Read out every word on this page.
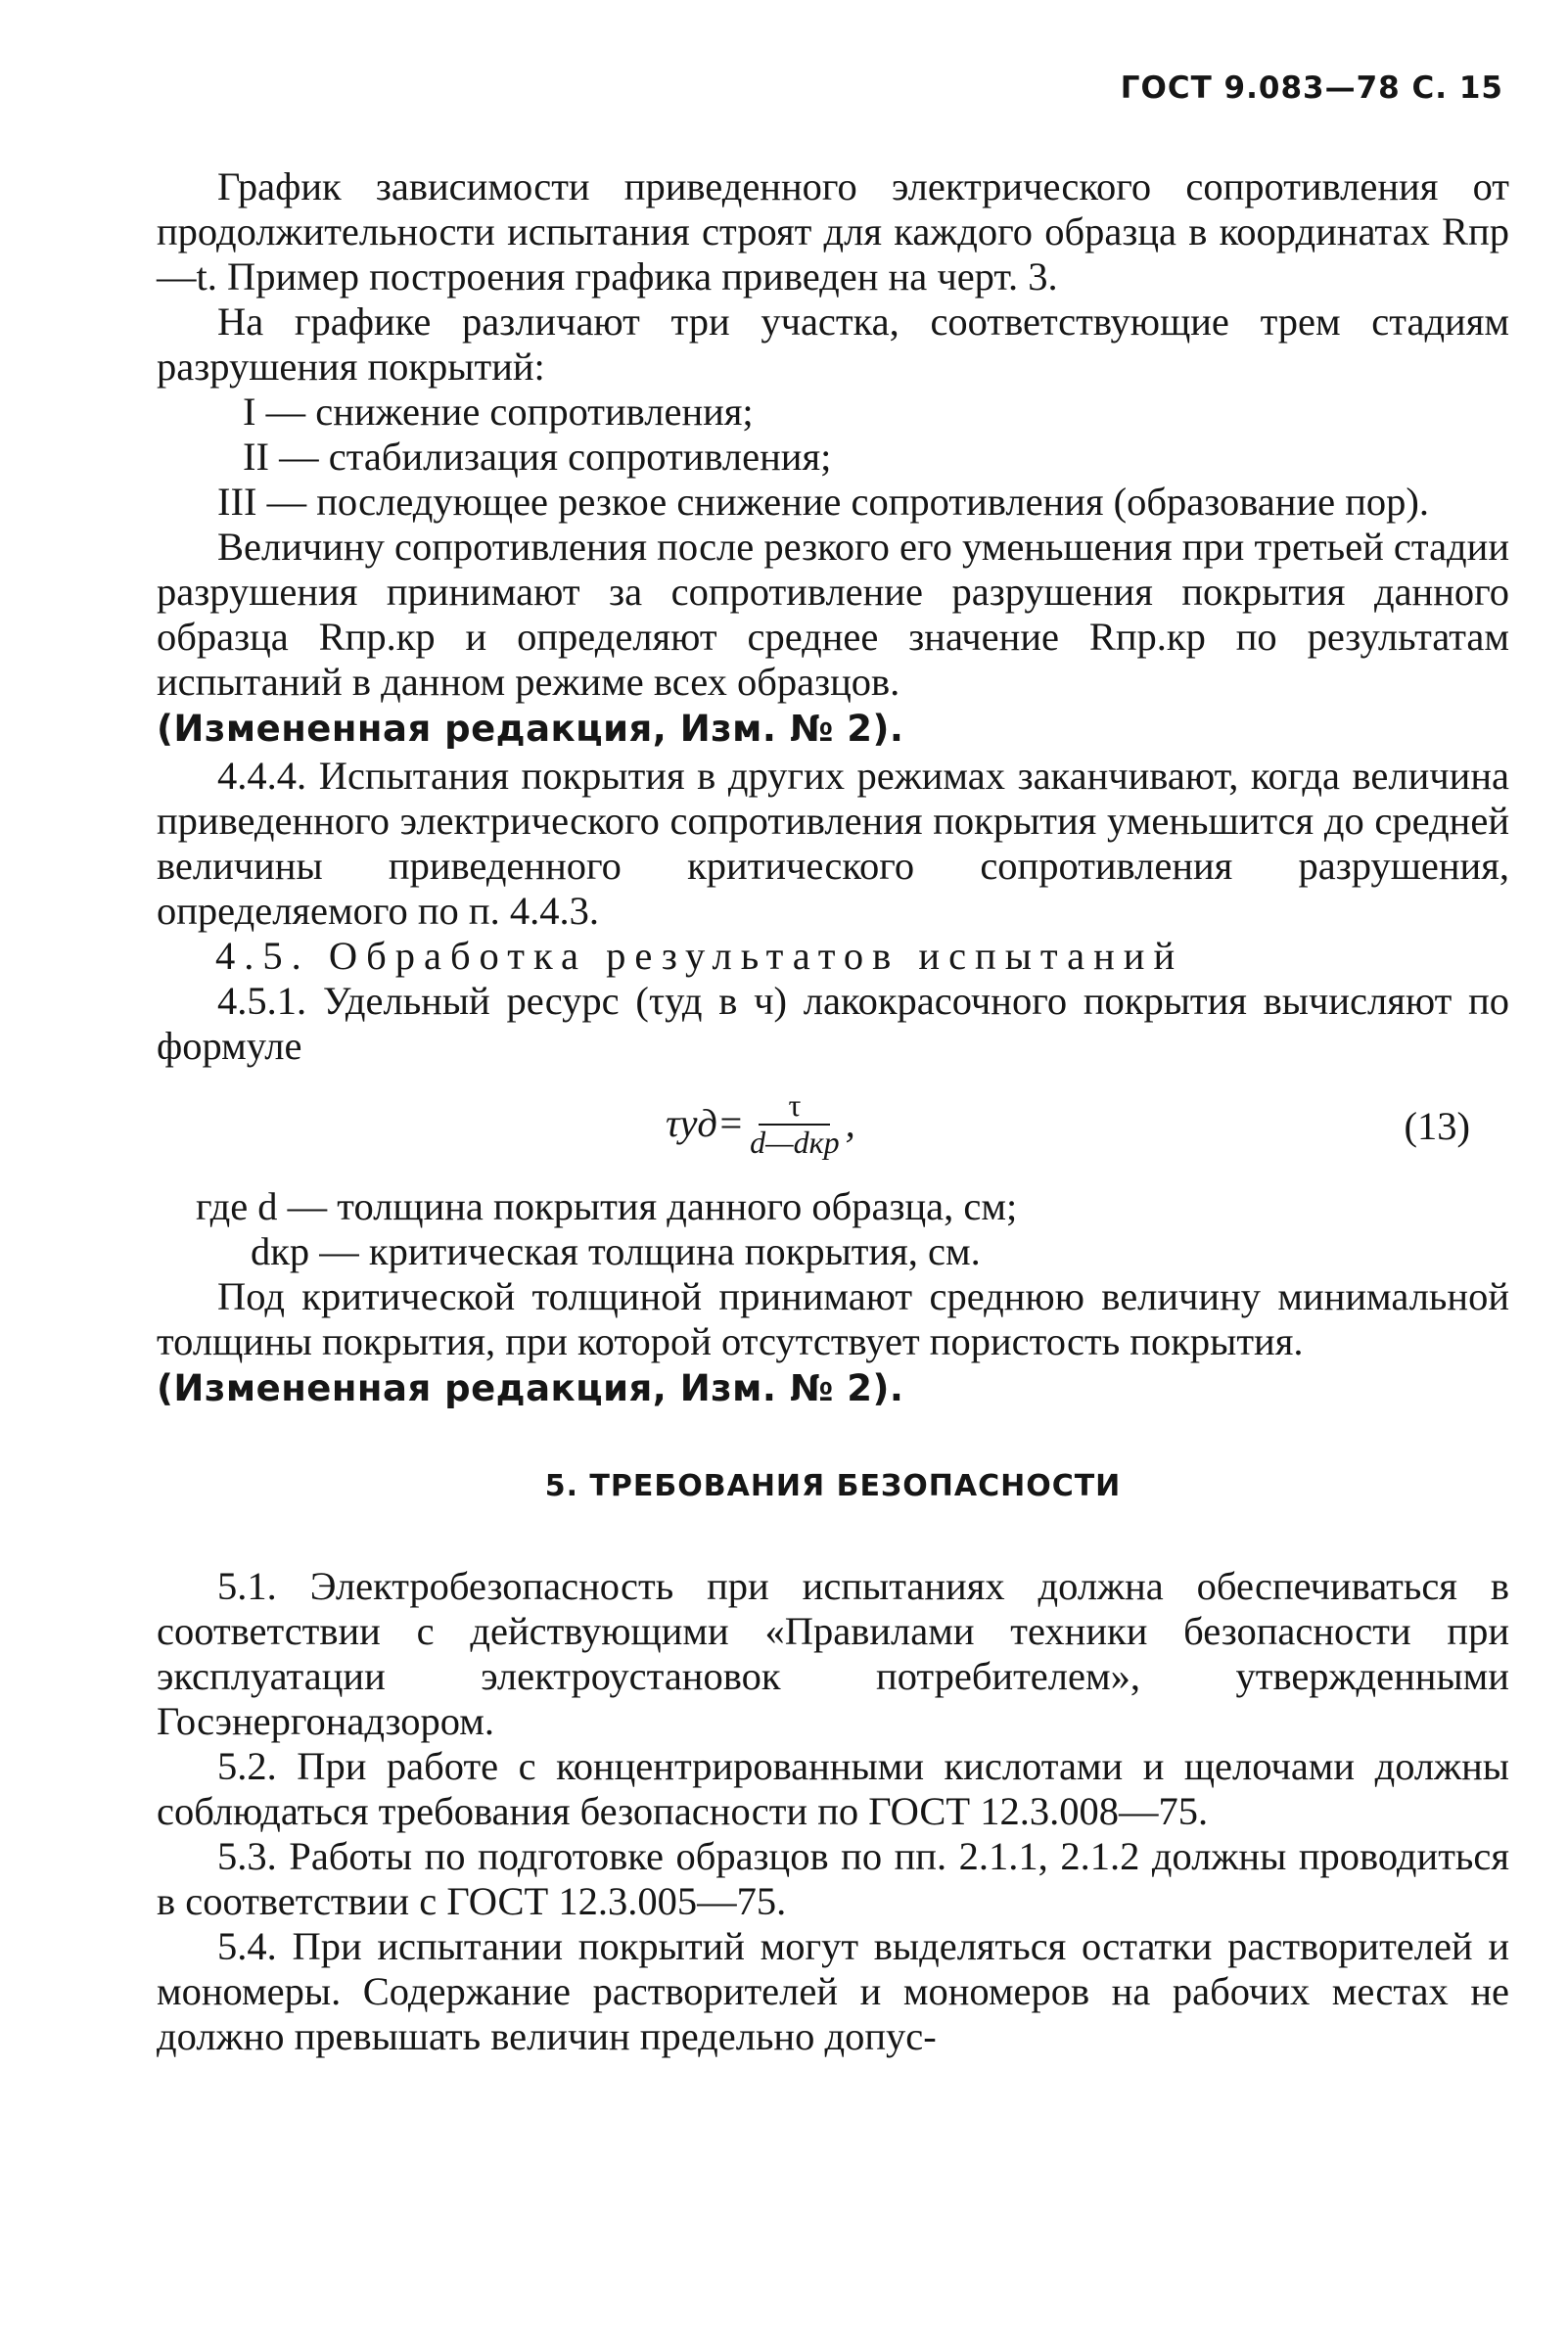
ГОСТ 9.083—78 С. 15

График зависимости приведенного электрического сопротивления от продолжительности испытания строят для каждого образца в координатах Rпр—t. Пример построения графика приведен на черт. 3.

На графике различают три участка, соответствующие трем стадиям разрушения покрытий:

I — снижение сопротивления;

II — стабилизация сопротивления;

III — последующее резкое снижение сопротивления (образование пор).

Величину сопротивления после резкого его уменьшения при третьей стадии разрушения принимают за сопротивление разрушения покрытия данного образца Rпр.кр и определяют среднее значение Rпр.кр по результатам испытаний в данном режиме всех образцов.

(Измененная редакция, Изм. № 2).

4.4.4. Испытания покрытия в других режимах заканчивают, когда величина приведенного электрического сопротивления покрытия уменьшится до средней величины приведенного критического сопротивления разрушения, определяемого по п. 4.4.3.

4.5. Обработка результатов испытаний

4.5.1. Удельный ресурс (τуд в ч) лакокрасочного покрытия вычисляют по формуле

$\tau уд= \frac{\tau}{\text{d—dкр}}$ ,	(13)

где d — толщина покрытия данного образца, см;

dкр — критическая толщина покрытия, см.

Под критической толщиной принимают среднюю величину минимальной толщины покрытия, при которой отсутствует пористость покрытия.

(Измененная редакция, Изм. № 2).

5. ТРЕБОВАНИЯ БЕЗОПАСНОСТИ

5.1. Электробезопасность при испытаниях должна обеспечиваться в соответствии с действующими «Правилами техники безопасности при эксплуатации электроустановок потребителем», утвержденными Госэнергонадзором.

5.2. При работе с концентрированными кислотами и щелочами должны соблюдаться требования безопасности по ГОСТ 12.3.008—75.

5.3. Работы по подготовке образцов по пп. 2.1.1, 2.1.2 должны проводиться в соответствии с ГОСТ 12.3.005—75.

5.4. При испытании покрытий могут выделяться остатки растворителей и мономеры. Содержание растворителей и мономеров на рабочих местах не должно превышать величин предельно допус-
